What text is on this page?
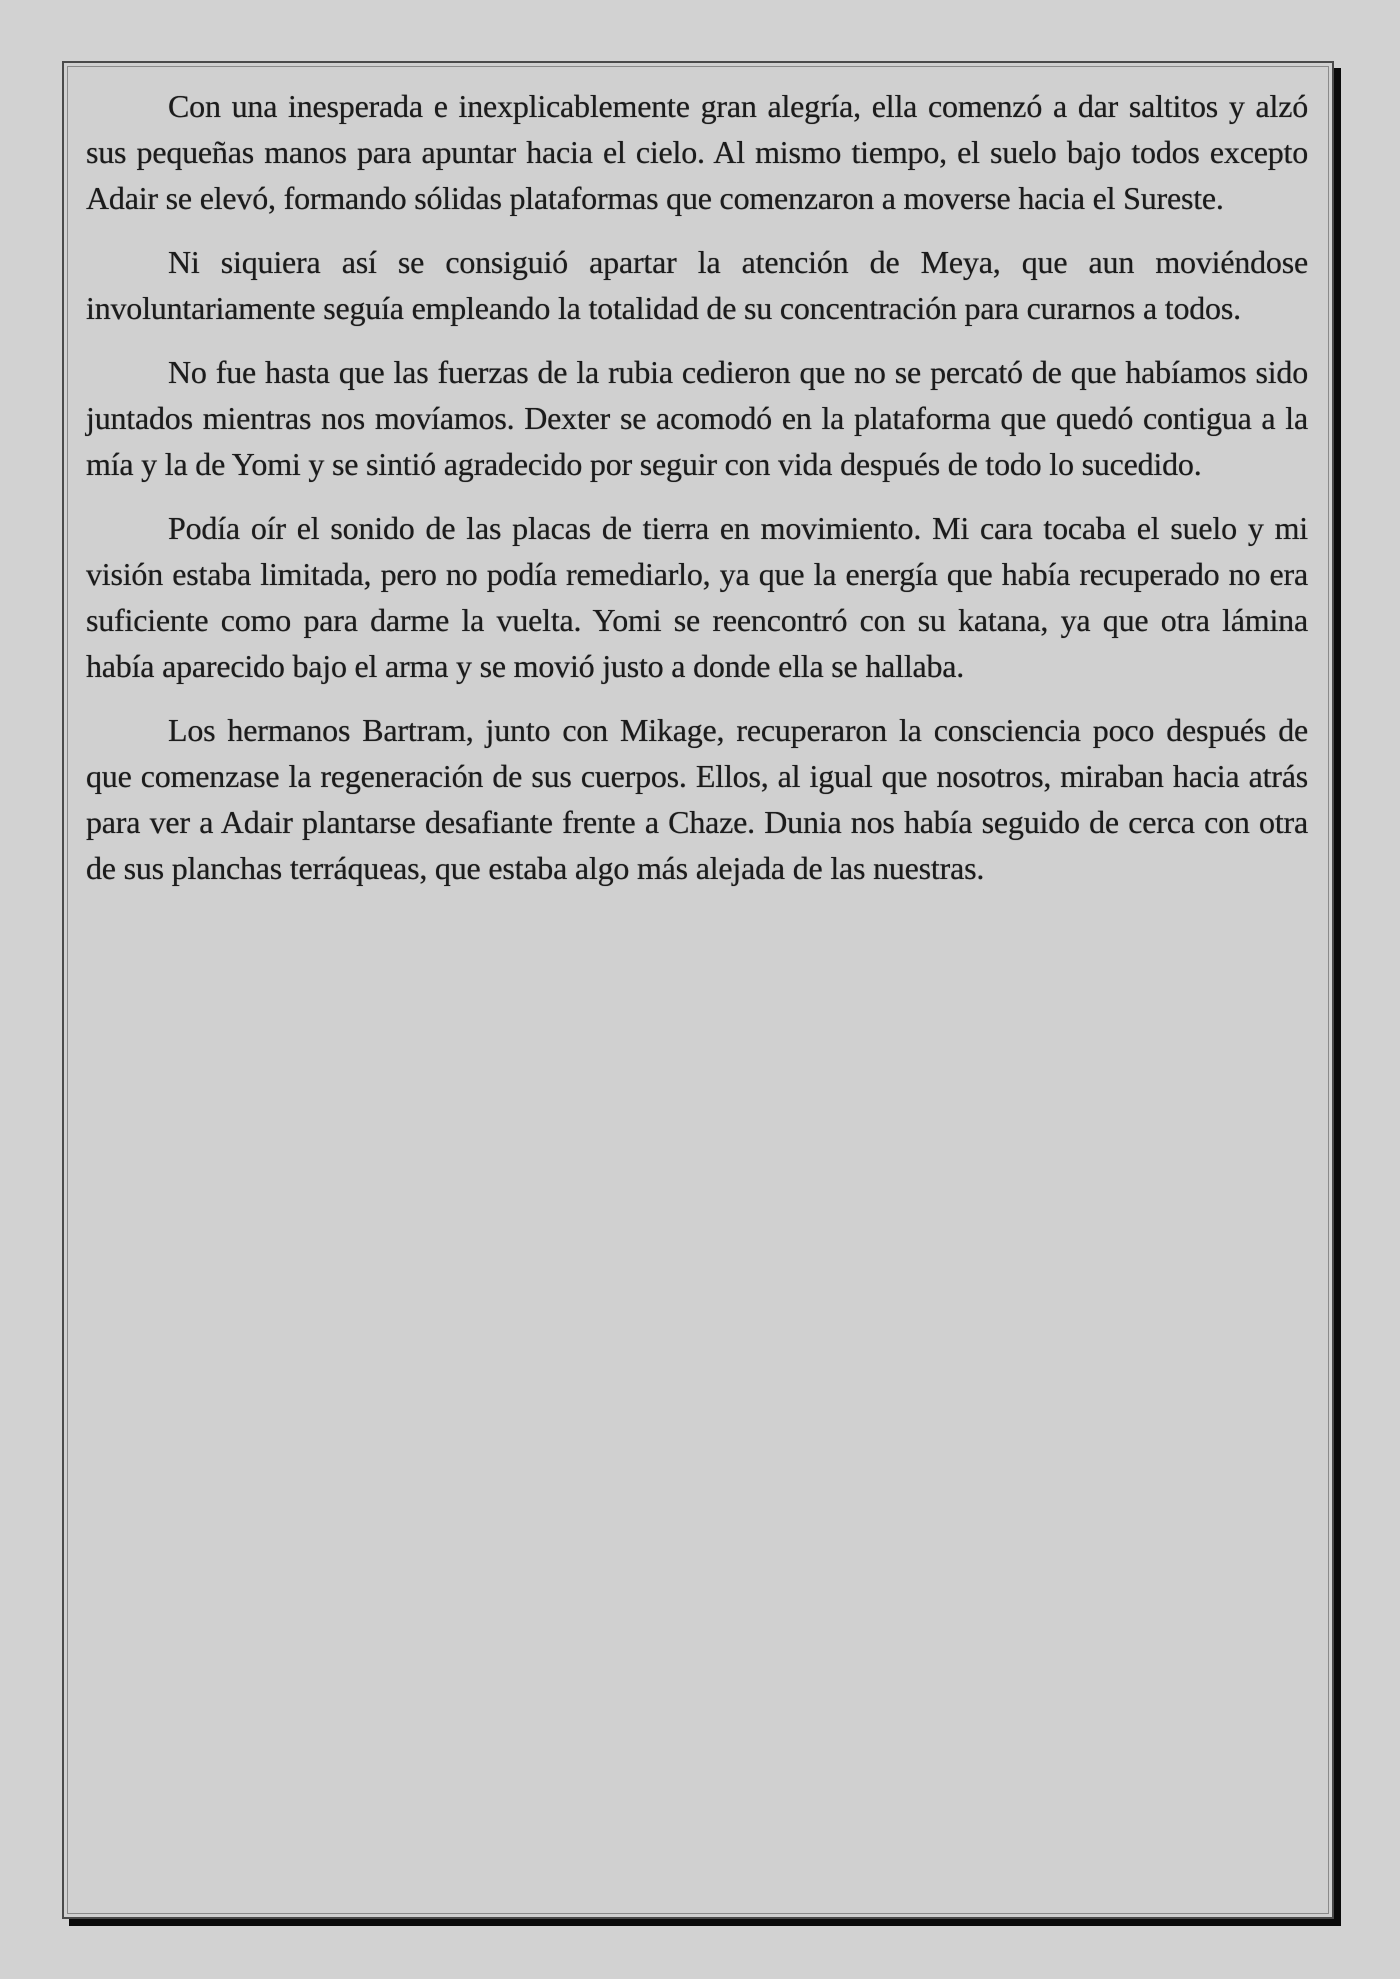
Con una inesperada e inexplicablemente gran alegría, ella comenzó a dar saltitos y alzó sus pequeñas manos para apuntar hacia el cielo. Al mismo tiempo, el suelo bajo todos excepto Adair se elevó, formando sólidas plataformas que comenzaron a moverse hacia el Sureste.

Ni siquiera así se consiguió apartar la atención de Meya, que aun moviéndose involuntariamente seguía empleando la totalidad de su concentración para curarnos a todos.

No fue hasta que las fuerzas de la rubia cedieron que no se percató de que habíamos sido juntados mientras nos movíamos. Dexter se acomodó en la plataforma que quedó contigua a la mía y la de Yomi y se sintió agradecido por seguir con vida después de todo lo sucedido.

Podía oír el sonido de las placas de tierra en movimiento. Mi cara tocaba el suelo y mi visión estaba limitada, pero no podía remediarlo, ya que la energía que había recuperado no era suficiente como para darme la vuelta. Yomi se reencontró con su katana, ya que otra lámina había aparecido bajo el arma y se movió justo a donde ella se hallaba.

Los hermanos Bartram, junto con Mikage, recuperaron la consciencia poco después de que comenzase la regeneración de sus cuerpos. Ellos, al igual que nosotros, miraban hacia atrás para ver a Adair plantarse desafiante frente a Chaze. Dunia nos había seguido de cerca con otra de sus planchas terráqueas, que estaba algo más alejada de las nuestras.
